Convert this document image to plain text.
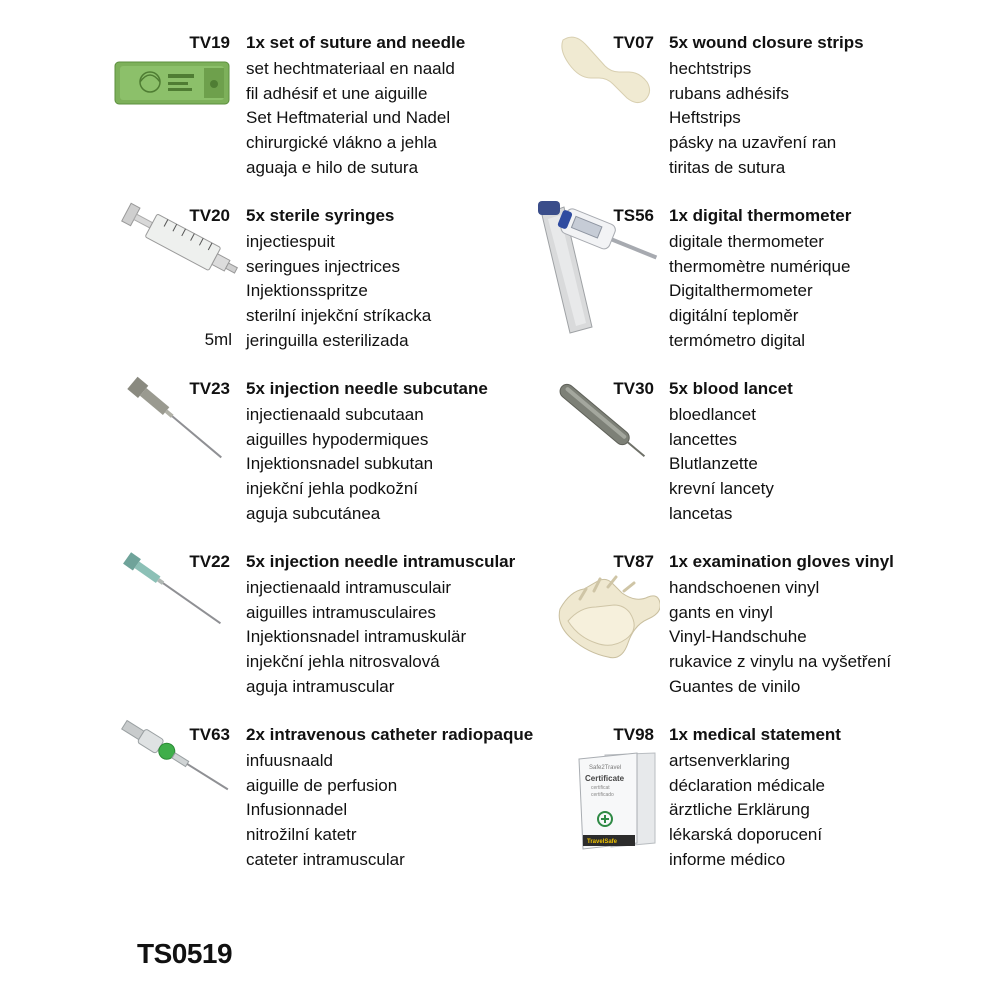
TV19 1x set of suture and needle
set hechtmateriaal en naald
fil adhésif et une aiguille
Set Heftmaterial und Nadel
chirurgické vlákno a jehla
aguaja e hilo de sutura
TV07 5x wound closure strips
hechtstrips
rubans adhésifs
Heftstrips
pásky na uzavření ran
tiritas de sutura
TV20 5x sterile syringes
injectiespuit
seringues injectrices
Injektionsspritze
sterilní injekční stríkacka
jeringuilla esterilizada
5ml
TS56 1x digital thermometer
digitale thermometer
thermomètre numérique
Digitalthermometer
digitální teploměr
termómetro digital
TV23 5x injection needle subcutane
injectienaald subcutaan
aiguilles hypodermiques
Injektionsnadel subkutan
injekční jehla podkožní
aguja subcutánea
TV30 5x blood lancet
bloedlancet
lancettes
Blutlanzette
krevní lancety
lancetas
TV22 5x injection needle intramuscular
injectienaald intramusculair
aiguilles intramusculaires
Injektionsnadel intramuskulär
injekční jehla nitrosvalová
aguja intramuscular
TV87 1x examination gloves vinyl
handschoenen vinyl
gants en vinyl
Vinyl-Handschuhe
rukavice z vinylu na vyšetření
Guantes de vinilo
TV63 2x intravenous catheter radiopaque
infuusnaald
aiguille de perfusion
Infusionnadel
nitrožilní katetr
cateter intramuscular
Safe2Travel
Certificate
certificat
certificado
TravelSafe
TV98 1x medical statement
artsenverklaring
déclaration médicale
ärztliche Erklärung
lékarská doporucení
informe médico
TS0519
